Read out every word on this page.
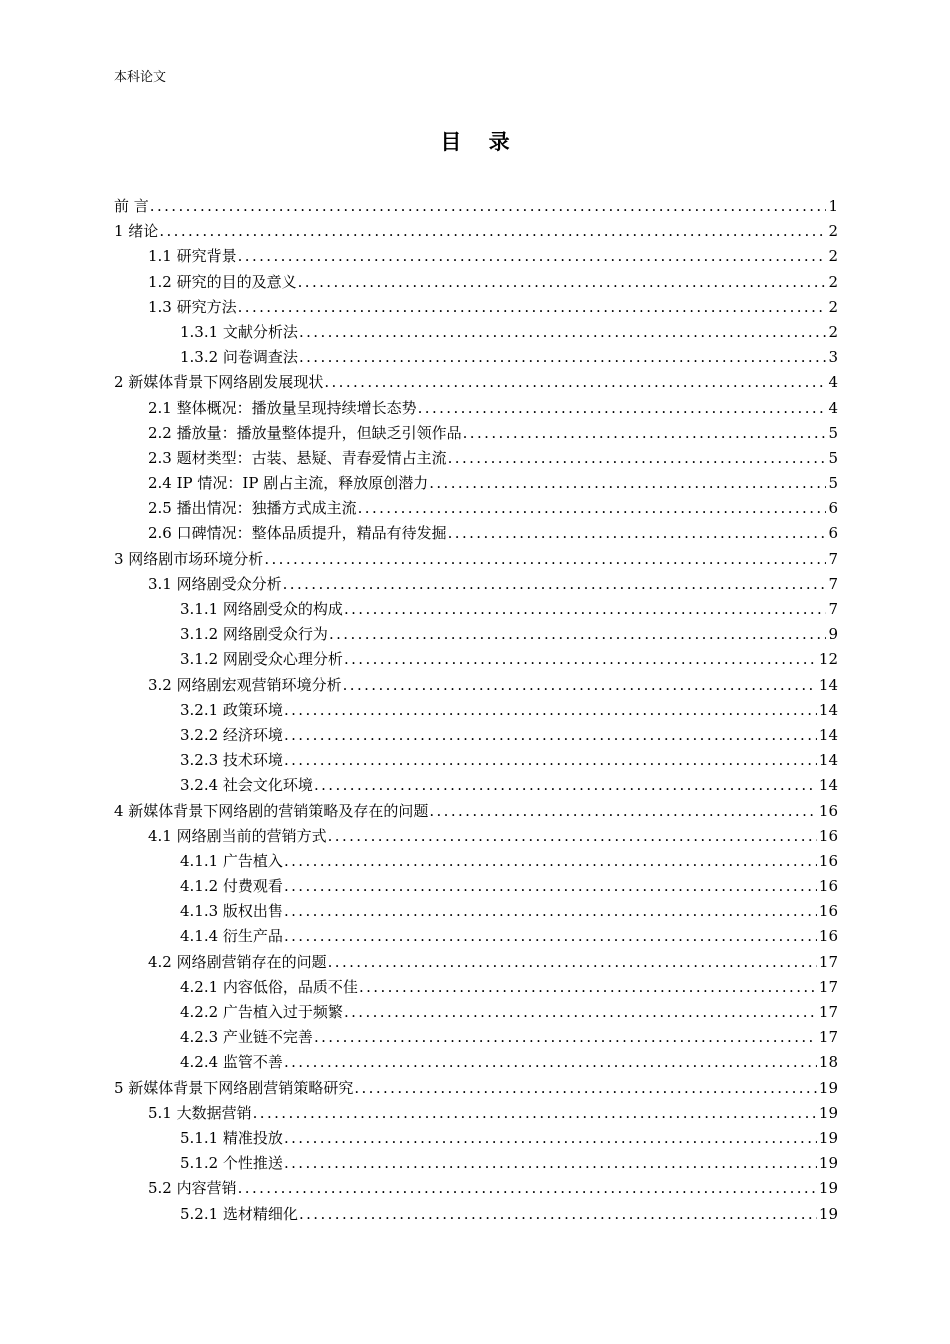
本科论文
目 录
前 言 .....	1
1 绪论 .....	2
1.1 研究背景 .....	2
1.2 研究的目的及意义 .....	2
1.3 研究方法 .....	2
1.3.1 文献分析法 .....	2
1.3.2 问卷调查法 .....	3
2 新媒体背景下网络剧发展现状 .....	4
2.1 整体概况：播放量呈现持续增长态势 .....	4
2.2 播放量：播放量整体提升，但缺乏引领作品 .....	5
2.3 题材类型：古装、悬疑、青春爱情占主流 .....	5
2.4 IP 情况：IP 剧占主流，释放原创潜力 .....	5
2.5 播出情况：独播方式成主流 .....	6
2.6 口碑情况：整体品质提升，精品有待发掘 .....	6
3 网络剧市场环境分析 .....	7
3.1 网络剧受众分析 .....	7
3.1.1 网络剧受众的构成 .....	7
3.1.2 网络剧受众行为 .....	9
3.1.2 网剧受众心理分析 .....	12
3.2 网络剧宏观营销环境分析 .....	14
3.2.1 政策环境 .....	14
3.2.2 经济环境 .....	14
3.2.3 技术环境 .....	14
3.2.4 社会文化环境 .....	14
4 新媒体背景下网络剧的营销策略及存在的问题 .....	16
4.1 网络剧当前的营销方式 .....	16
4.1.1 广告植入 .....	16
4.1.2 付费观看 .....	16
4.1.3 版权出售 .....	16
4.1.4 衍生产品 .....	16
4.2 网络剧营销存在的问题 .....	17
4.2.1 内容低俗，品质不佳 .....	17
4.2.2 广告植入过于频繁 .....	17
4.2.3 产业链不完善 .....	17
4.2.4 监管不善 .....	18
5 新媒体背景下网络剧营销策略研究 .....	19
5.1 大数据营销 .....	19
5.1.1 精准投放 .....	19
5.1.2 个性推送 .....	19
5.2 内容营销 .....	19
5.2.1 选材精细化 .....	19
